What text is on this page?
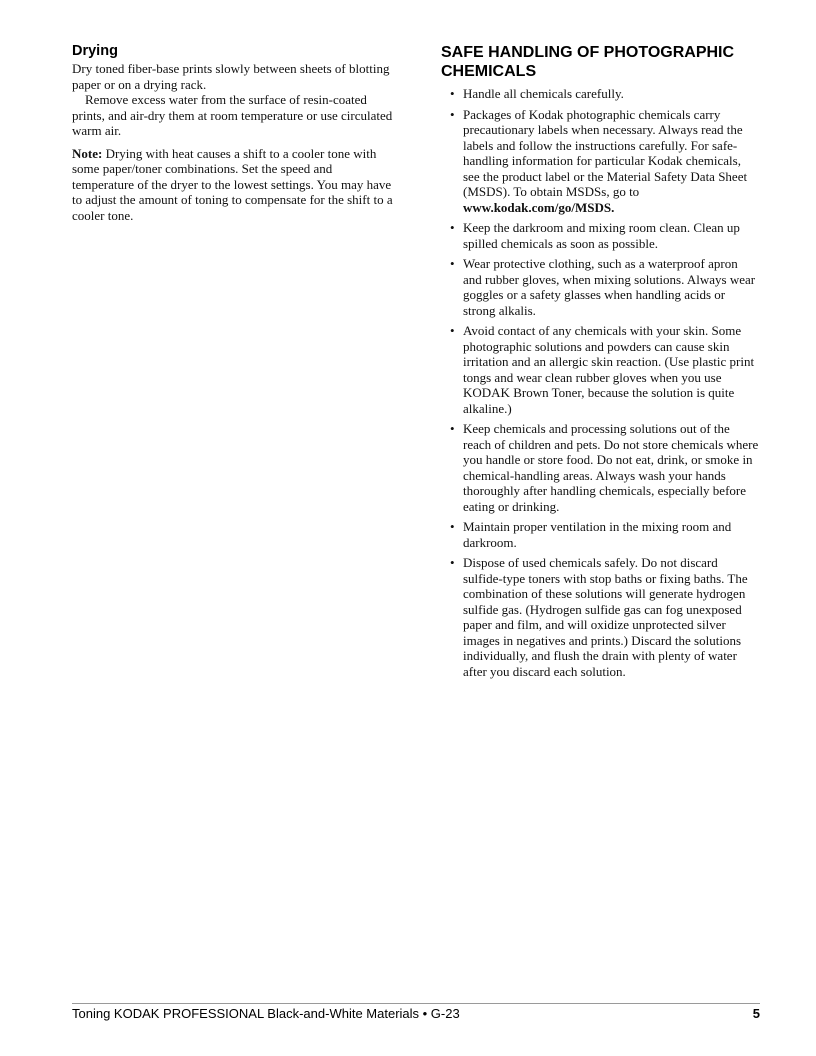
Drying

Dry toned fiber-base prints slowly between sheets of blotting paper or on a drying rack.

Remove excess water from the surface of resin-coated prints, and air-dry them at room temperature or use circulated warm air.

Note: Drying with heat causes a shift to a cooler tone with some paper/toner combinations. Set the speed and temperature of the dryer to the lowest settings. You may have to adjust the amount of toning to compensate for the shift to a cooler tone.

SAFE HANDLING OF PHOTOGRAPHIC CHEMICALS
• Handle all chemicals carefully.
• Packages of Kodak photographic chemicals carry precautionary labels when necessary. Always read the labels and follow the instructions carefully. For safe-handling information for particular Kodak chemicals, see the product label or the Material Safety Data Sheet (MSDS). To obtain MSDSs, go to www.kodak.com/go/MSDS.
• Keep the darkroom and mixing room clean. Clean up spilled chemicals as soon as possible.
• Wear protective clothing, such as a waterproof apron and rubber gloves, when mixing solutions. Always wear goggles or a safety glasses when handling acids or strong alkalis.
• Avoid contact of any chemicals with your skin. Some photographic solutions and powders can cause skin irritation and an allergic skin reaction. (Use plastic print tongs and wear clean rubber gloves when you use KODAK Brown Toner, because the solution is quite alkaline.)
• Keep chemicals and processing solutions out of the reach of children and pets. Do not store chemicals where you handle or store food. Do not eat, drink, or smoke in chemical-handling areas. Always wash your hands thoroughly after handling chemicals, especially before eating or drinking.
• Maintain proper ventilation in the mixing room and darkroom.
• Dispose of used chemicals safely. Do not discard sulfide-type toners with stop baths or fixing baths. The combination of these solutions will generate hydrogen sulfide gas. (Hydrogen sulfide gas can fog unexposed paper and film, and will oxidize unprotected silver images in negatives and prints.) Discard the solutions individually, and flush the drain with plenty of water after you discard each solution.
Toning KODAK PROFESSIONAL Black-and-White Materials • G-23	5
